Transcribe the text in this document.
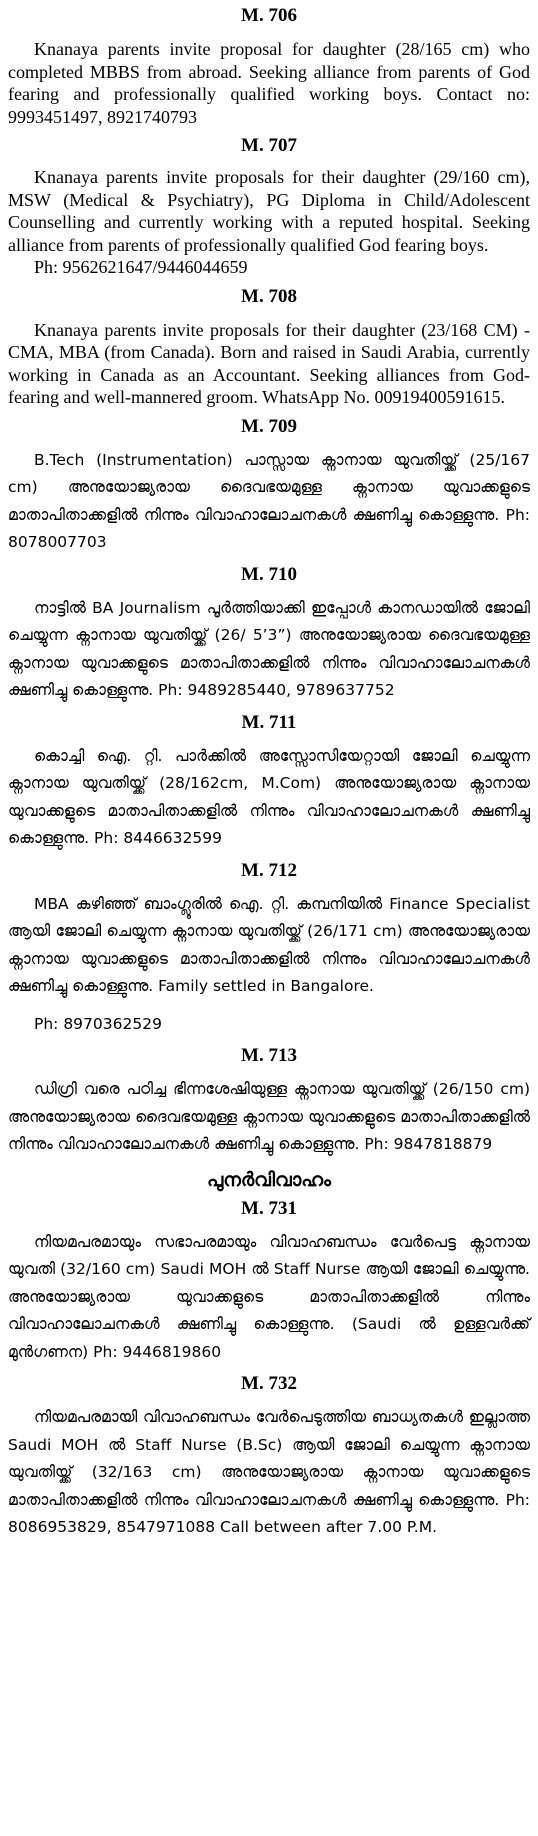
M. 706

Knanaya parents invite proposal for daughter (28/165 cm) who completed MBBS from abroad. Seeking alliance from parents of God fearing and professionally qualified working boys. Contact no: 9993451497, 8921740793

M. 707

Knanaya parents invite proposals for their daughter (29/160 cm), MSW (Medical & Psychiatry), PG Diploma in Child/Adolescent Counselling and currently working with a reputed hospital. Seeking alliance from parents of professionally qualified God fearing boys.

Ph: 9562621647/9446044659

M. 708

Knanaya parents invite proposals for their daughter (23/168 CM) - CMA, MBA (from Canada). Born and raised in Saudi Arabia, currently working in Canada as an Accountant. Seeking alliances from God-fearing and well-mannered groom. WhatsApp No. 00919400591615.

M. 709

B.Tech (Instrumentation) പാസ്സായ ക്നാനായ യുവതിയ്ക്ക് (25/167 cm) അനുയോജ്യരായ ദൈവഭയമുള്ള ക്നാനായ യുവാക്കളുടെ മാതാപിതാക്കളിൽ നിന്നും വിവാഹാലോചനകൾ ക്ഷണിച്ചു കൊള്ളുന്നു. Ph: 8078007703

M. 710

നാട്ടിൽ BA Journalism പൂർത്തിയാക്കി ഇപ്പോൾ കാനഡായിൽ ജോലി ചെയ്യുന്ന ക്നാനായ യുവതിയ്ക്ക് (26/ 5’3”) അനുയോജ്യരായ ദൈവഭയമുള്ള ക്നാനായ യുവാക്കളുടെ മാതാപിതാക്കളിൽ നിന്നും വിവാഹാലോചനകൾ ക്ഷണിച്ചു കൊള്ളുന്നു. Ph: 9489285440, 9789637752

M. 711

കൊച്ചി ഐ. റ്റി. പാർക്കിൽ അസ്സോസിയേറ്റായി ജോലി ചെയ്യുന്ന ക്നാനായ യുവതിയ്ക്ക് (28/162cm, M.Com) അനുയോജ്യരായ ക്നാനായ യുവാക്കളുടെ മാതാപിതാക്കളിൽ നിന്നും വിവാഹാലോചനകൾ ക്ഷണിച്ചു കൊള്ളുന്നു. Ph: 8446632599

M. 712

MBA കഴിഞ്ഞ് ബാംഗ്ലൂരിൽ ഐ. റ്റി. കമ്പനിയിൽ Finance Specialist ആയി ജോലി ചെയ്യുന്ന ക്നാനായ യുവതിയ്ക്ക് (26/171 cm) അനുയോജ്യരായ ക്നാനായ യുവാക്കളുടെ മാതാപിതാക്കളിൽ നിന്നും വിവാഹാലോചനകൾ ക്ഷണിച്ചു കൊള്ളുന്നു. Family settled in Bangalore.

Ph: 8970362529

M. 713

ഡിഗ്രി വരെ പഠിച്ച ഭിന്നശേഷിയുള്ള ക്നാനായ യുവതിയ്ക്ക് (26/150 cm) അനുയോജ്യരായ ദൈവഭയമുള്ള ക്നാനായ യുവാക്കളുടെ മാതാപിതാക്കളിൽ നിന്നും വിവാഹാലോചനകൾ ക്ഷണിച്ചു കൊള്ളുന്നു. Ph: 9847818879

പുനർവിവാഹം
M. 731

നിയമപരമായും സഭാപരമായും വിവാഹബന്ധം വേർപെട്ട ക്നാനായ യുവതി (32/160 cm) Saudi MOH ൽ Staff Nurse ആയി ജോലി ചെയ്യുന്നു. അനുയോജ്യരായ യുവാക്കളുടെ മാതാപിതാക്കളിൽ നിന്നും വിവാഹാലോചനകൾ ക്ഷണിച്ചു കൊള്ളുന്നു. (Saudi ൽ ഉള്ളവർക്ക് മുൻഗണന) Ph: 9446819860

M. 732

നിയമപരമായി വിവാഹബന്ധം വേർപെടുത്തിയ ബാധ്യതകൾ ഇല്ലാത്ത Saudi MOH ൽ Staff Nurse (B.Sc) ആയി ജോലി ചെയ്യുന്ന ക്നാനായ യുവതിയ്ക്ക് (32/163 cm) അനുയോജ്യരായ ക്നാനായ യുവാക്കളുടെ മാതാപിതാക്കളിൽ നിന്നും വിവാഹാലോചനകൾ ക്ഷണിച്ചു കൊള്ളുന്നു. Ph: 8086953829, 8547971088 Call between after 7.00 P.M.
